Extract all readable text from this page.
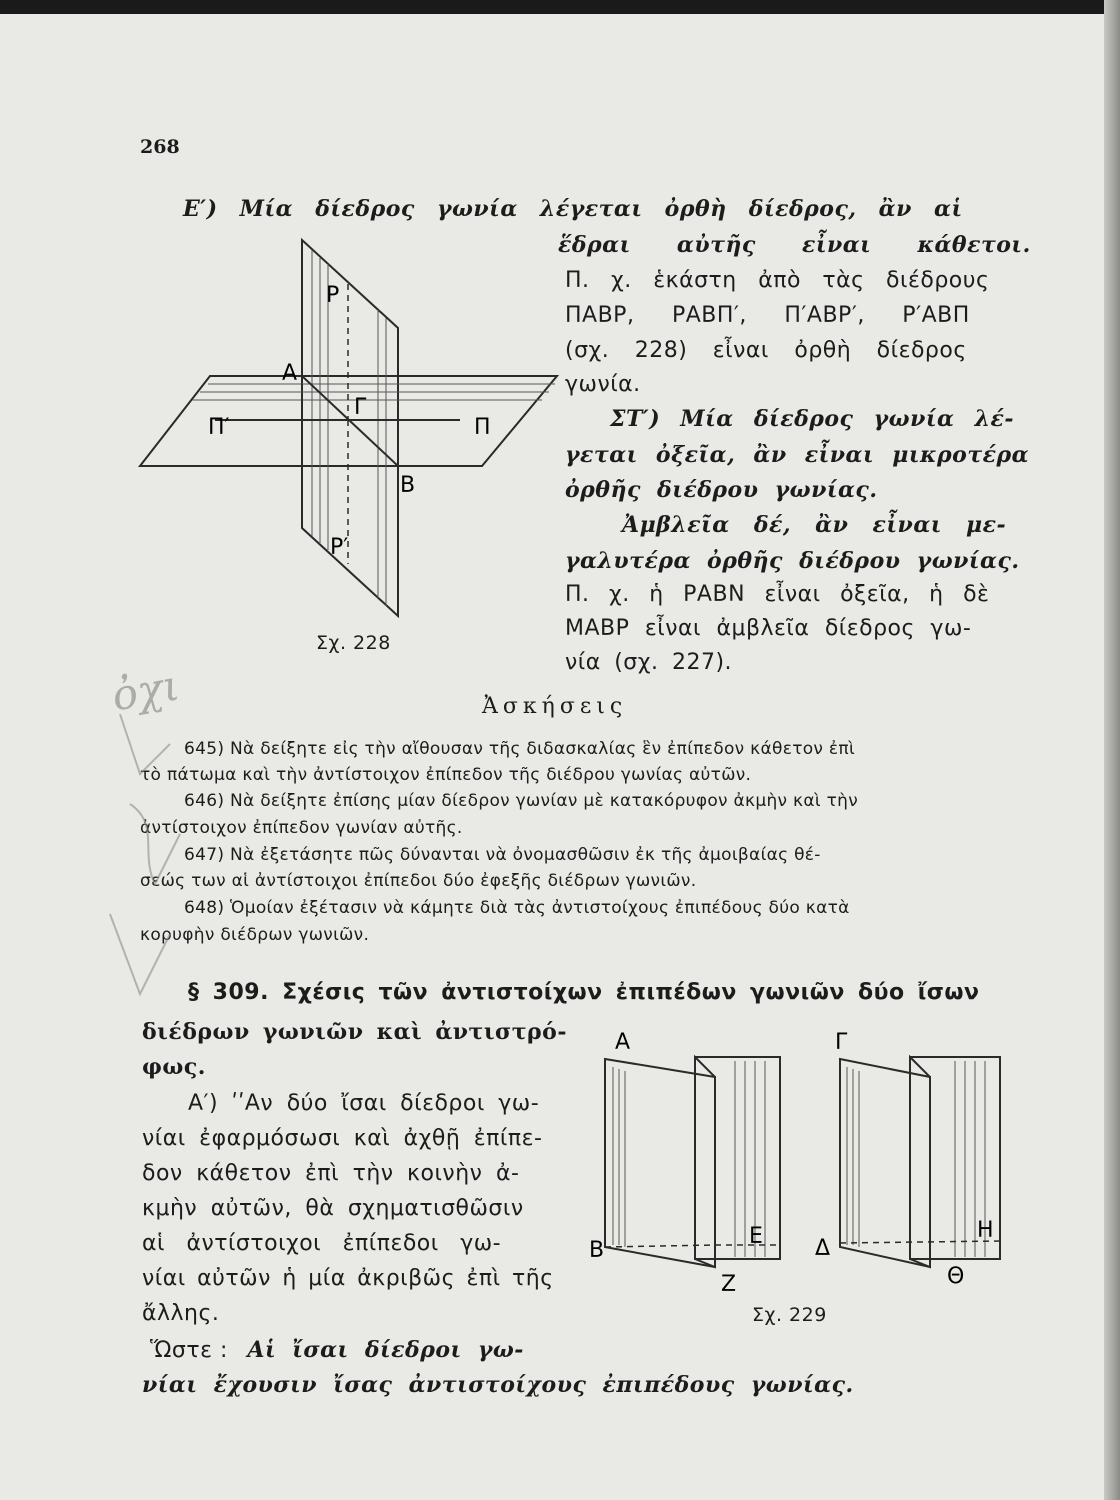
268
Ε′) Μία δίεδρος γωνία λέγεται ὀρθὴ δίεδρος, ἂν αἱ
ἕδραι αὐτῆς εἶναι κάθετοι.
Π. χ. ἑκάστη ἀπὸ τὰς διέδρους
ΠΑΒΡ, ΡΑΒΠ′, Π′ΑΒΡ′, Ρ′ΑΒΠ
(σχ. 228) εἶναι ὀρθὴ δίεδρος
γωνία.
ΣΤ′) Μία δίεδρος γωνία λέ-
γεται ὀξεῖα, ἂν εἶναι μικροτέρα
ὀρθῆς διέδρου γωνίας.
Ἀμβλεῖα δέ, ἂν εἶναι με-
γαλυτέρα ὀρθῆς διέδρου γωνίας.
Π. χ. ἡ ΡΑΒΝ εἶναι ὀξεῖα, ἡ δὲ
ΜΑΒΡ εἶναι ἀμβλεῖα δίεδρος γω-
νία (σχ. 227).
Α
Ρ
Γ
Π′	Π
Β
Ρ′
Σχ. 228
Ἀσκήσεις
645) Νὰ δείξητε εἰς τὴν αἴθουσαν τῆς διδασκαλίας ἓν ἐπίπεδον κάθετον ἐπὶ
τὸ πάτωμα καὶ τὴν ἀντίστοιχον ἐπίπεδον τῆς διέδρου γωνίας αὐτῶν.
646) Νὰ δείξητε ἐπίσης μίαν δίεδρον γωνίαν μὲ κατακόρυφον ἀκμὴν καὶ τὴν
ἀντίστοιχον ἐπίπεδον γωνίαν αὐτῆς.
647) Νὰ ἐξετάσητε πῶς δύνανται νὰ ὀνομασθῶσιν ἐκ τῆς ἀμοιβαίας θέ-
σεώς των αἱ ἀντίστοιχοι ἐπίπεδοι δύο ἐφεξῆς διέδρων γωνιῶν.
648) Ὁμοίαν ἐξέτασιν νὰ κάμητε διὰ τὰς ἀντιστοίχους ἐπιπέδους δύο κατὰ
κορυφὴν διέδρων γωνιῶν.
ὀχι
§ 309. Σχέσις τῶν ἀντιστοίχων ἐπιπέδων γωνιῶν δύο ἴσων
διέδρων γωνιῶν καὶ ἀντιστρό-
φως.
Α′) ʹʹΑν δύο ἴσαι δίεδροι γω-
νίαι ἐφαρμόσωσι καὶ ἀχθῇ ἐπίπε-
δον κάθετον ἐπὶ τὴν κοινὴν ἀ-
κμὴν αὐτῶν, θὰ σχηματισθῶσιν
αἱ ἀντίστοιχοι ἐπίπεδοι γω-
νίαι αὐτῶν ἡ μία ἀκριβῶς ἐπὶ τῆς
ἄλλης.
Ὥστε : Αἱ ἴσαι δίεδροι γω-
νίαι ἔχουσιν ἴσας ἀντιστοίχους ἐπιπέδους γωνίας.
Α
Β
Ε
Ζ
Γ
Δ
Η
Θ
Σχ. 229
